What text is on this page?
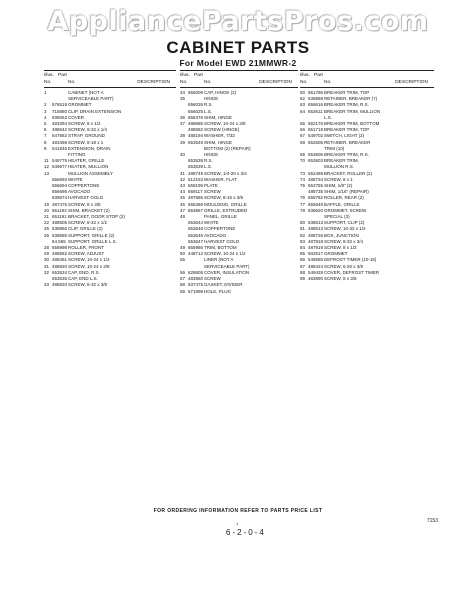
AppliancePartsPros.com
CABINET PARTS
For Model EWD 21MMWR-2
Illus. Part
No.	No.	DESCRIPTION
1	CABINET (NOT A
SERVICEABLE PART)
2	576519 GROMMET
3	715880 CLIP, DRAIN EXTENSION
4	839063 COVER
5	483394 SCREW, 8 x 1/2
6	488642 SCREW, 8-32 x 1/4
7	547662 STRAP, GROUND
8	483498 SCREW, 8-18 x 1
9	541845 EXTENSION, DRAIN
FITTING
11 549775 HEATER, GRILLE
12 549677 HEATER, MULLION
13	MULLION ASSEMBLY
656693 WHITE
656694 COPPERTONE
656695 AVOCADO
839674 HARVEST GOLD
19 487475 SCREW, 8 x 3/8
20 651193 SHIM, BRACKET (2)
21 651191 BRACKET, DOOR STOP (2)
22 488505 SCREW, 8-32 x 1/2
25 538865 CLIP, GRILLE (2)
26 538585 SUPPORT, GRILLE (2)
64,565 SUPPORT, GRILLE L.S.
28 658998 ROLLER, FRONT
29 488652 SCREW, ADJUST
30 488451 SCREW, 10-24 x 1/2
31 498820 SCREW, 10-24 x 3/8
32 653534 CAP, END, R.S.
653535 CAP, END L.S.
33 498820 SCREW, 6-32 x 3/8
Illus. Part
No.	No.	DESCRIPTION
34 656009 CAP, HINGE (2)
35	HINGE
656026 R.S.
656025 L.S.
36 656376 SHIM, HINGE
37 488685 SCREW, 10-24 x 3/8
488582 SCREW (HINGE)
38 488194 WASHER, 7/32
39 653549 SHIM, HINGE
BOTTOM (2) (REPAIR)
40	HINGE
653538 R.S.
653539 L.S.
41 488749 SCREW, 1/4-20 x 3/4
42 512153 WASHER, FLAT
43 658195 PLATE
44 659117 SCREW
45 487686 SCREW, 8-15 x 3/8
46 655366 MOULDING, GRILLE
47 653867 GRILLE, EXTRUDED
48	PANEL, GRILLE
653644 WHITE
653648 COPPERTONE
653646 AVOCADO
653647 HARVEST GOLD
49 655986 TRIM, BOTTOM
50 448712 SCREW, 10-24 x 1/2
55	LINER (NOT A
SERVICEABLE PART)
56 628605 COVER, INSULATION
57 483860 SCREW
58 537475 GASKET, DIVIDER
59 571998 HOLE, PLUG
Illus. Part
No.	No.	DESCRIPTION
60 651786 BREAKER TRIM, TOP
62 639858 RETAINER, BREAKER (7)
63 656616 BREAKER TRIM, R.S.
64 653611 BREAKER TRIM, MULLION
L.S.
65 652176 BREAKER TRIM, BOTTOM
66 651719 BREAKER TRIM, TOP
67 549702 SWITCH, LIGHT (2)
68 652605 RETAINER, BREAKER
TRIM (10)
69 653606 BREAKER TRIM, R.S.
70 653603 BREAKER TRIM,
MULLION R.S.
73 652499 BRACKET, ROLLER (2)
74 488734 SCREW, 8 x 1
75 652755 SHIM, 1/8" (2)
488735 SHIM, 1/16" (REPAIR)
76 655782 ROLLER, REAR (2)
77 655949 BAFFLE, GRILLE
78 539620 GROMMET, SCREW
SPECIAL (3)
80 538513 SUPPORT, CLIP (2)
81 488513 SCREW, 10-32 x 1/2
82 488726 BOX, JUNCTION
83 487918 SCREW, 8-32 x 3/4
84 487919 SCREW, 8 x 1/2
85 502617 GROMMET
86 549585 DEFROST TIMER (10-15)
87 488424 SCREW, 6-20 x 3/8
88 549428 COVER, DEFROST TIMER
89 483890 SCREW, 8 x 3/8
FOR ORDERING INFORMATION REFER TO PARTS PRICE LIST
7153
1
6-2-0-4
